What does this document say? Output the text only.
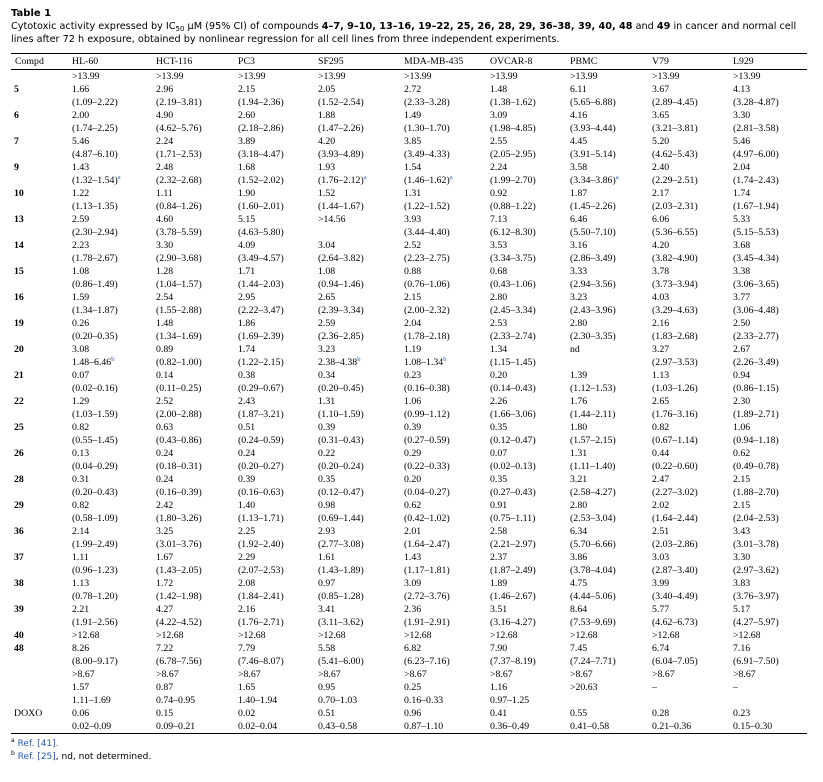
Table 1
Cytotoxic activity expressed by $IC_{50}$ μM (95% CI) of compounds 4–7, 9–10, 13–16, 19–22, 25, 26, 28, 29, 36–38, 39, 40, 48 and 49 in cancer and normal cell lines after 72 h exposure, obtained by nonlinear regression for all cell lines from three independent experiments.
Compd	HL-60	HCT-116	PC3	SF295	MDA-MB-435	OVCAR-8	PBMC	V79	L929
	>13.99	>13.99	>13.99	>13.99	>13.99	>13.99	>13.99	>13.99	>13.99
5	1.66	2.96	2.15	2.05	2.72	1.48	6.11	3.67	4.13
	(1.09–2.22)	(2.19–3.81)	(1.94–2.36)	(1.52–2.54)	(2.33–3.28)	(1.38–1.62)	(5.65–6.88)	(2.89–4.45)	(3.28–4.87)
6	2.00	4.90	2.60	1.88	1.49	3.09	4.16	3.65	3.30
	(1.74–2.25)	(4.62–5.76)	(2.18–2.86)	(1.47–2.26)	(1.30–1.70)	(1.98–4.85)	(3.93–4.44)	(3.21–3.81)	(2.81–3.58)
7	5.46	2.24	3.89	4.20	3.85	2.55	4.45	5.20	5.46
	(4.87–6.10)	(1.71–2.53)	(3.18–4.47)	(3.93–4.89)	(3.49–4.33)	(2.05–2.95)	(3.91–5.14)	(4.62–5.43)	(4.97–6.00)
9	1.43	2.48	1.68	1.93	1.54	2.24	3.58	2.40	2.04
	$(1.32-1.54)^a$	(2.32–2.68)	(1.52–2.02)	$(1.76-2.12)^a$	$(1.46-1.62)^a$	(1.99–2.70)	$(3.34-3.86)^a$	(2.29–2.51)	(1.74–2.43)
10	1.22	1.11	1.90	1.52	1.31	0.92	1.87	2.17	1.74
	(1.13–1.35)	(0.84–1.26)	(1.60–2.01)	(1.44–1.67)	(1.22–1.52)	(0.88–1.22)	(1.45–2.26)	(2.03–2.31)	(1.67–1.94)
13	2.59	4.60	5.15	>14.56	3.93	7.13	6.46	6.06	5.33
	(2.30–2.94)	(3.78–5.59)	(4.63–5.80)		(3.44–4.40)	(6.12–8.30)	(5.50–7.10)	(5.36–6.55)	(5.15–5.53)
14	2.23	3.30	4.09	3.04	2.52	3.53	3.16	4.20	3.68
	(1.78–2.67)	(2.90–3.68)	(3.49–4.57)	(2.64–3.82)	(2.23–2.75)	(3.34–3.75)	(2.86–3.49)	(3.82–4.90)	(3.45–4.34)
15	1.08	1.28	1.71	1.08	0.88	0.68	3.33	3.78	3.38
	(0.86–1.49)	(1.04–1.57)	(1.44–2.03)	(0.94–1.46)	(0.76–1.06)	(0.43–1.06)	(2.94–3.56)	(3.73–3.94)	(3.06–3.65)
16	1.59	2.54	2.95	2.65	2.15	2.80	3.23	4.03	3.77
	(1.34–1.87)	(1.55–2.88)	(2.22–3.47)	(2.39–3.34)	(2.00–2.32)	(2.45–3.34)	(2.43–3.96)	(3.29–4.63)	(3.06–4.48)
19	0.26	1.48	1.86	2.59	2.04	2.53	2.80	2.16	2.50
	(0.20–0.35)	(1.34–1.69)	(1.69–2.39)	(2.36–2.85)	(1.78–2.18)	(2.33–2.74)	(2.30–3.35)	(1.83–2.68)	(2.33–2.77)
20	3.08	0.89	1.74	3.23	1.19	1.34	nd	3.27	2.67
	1.48–6.46$^b$	(0.82–1.00)	(1.22–2.15)	2.38–4.38$^b$	1.08–1.34$^b$	(1.15–1.45)		(2.97–3.53)	(2.26–3.49)
21	0.07	0.14	0.38	0.34	0.23	0.20	1.39	1.13	0.94
	(0.02–0.16)	(0.11–0.25)	(0.29–0.67)	(0.20–0.45)	(0.16–0.38)	(0.14–0.43)	(1.12–1.53)	(1.03–1.26)	(0.86–1.15)
22	1.29	2.52	2.43	1.31	1.06	2.26	1.76	2.65	2.30
	(1.03–1.59)	(2.00–2.88)	(1.87–3.21)	(1.10–1.59)	(0.99–1.12)	(1.66–3.06)	(1.44–2.11)	(1.76–3.16)	(1.89–2.71)
25	0.82	0.63	0.51	0.39	0.39	0.35	1.80	0.82	1.06
	(0.55–1.45)	(0.43–0.86)	(0.24–0.59)	(0.31–0.43)	(0.27–0.59)	(0.12–0.47)	(1.57–2.15)	(0.67–1.14)	(0.94–1.18)
26	0.13	0.24	0.24	0.22	0.29	0.07	1.31	0.44	0.62
	(0.04–0.29)	(0.18–0.31)	(0.20–0.27)	(0.20–0.24)	(0.22–0.33)	(0.02–0.13)	(1.11–1.40)	(0.22–0.60)	(0.49–0.78)
28	0.31	0.24	0.39	0.35	0.20	0.35	3.21	2.47	2.15
	(0.20–0.43)	(0.16–0.39)	(0.16–0.63)	(0.12–0.47)	(0.04–0.27)	(0.27–0.43)	(2.58–4.27)	(2.27–3.02)	(1.88–2.70)
29	0.82	2.42	1.40	0.98	0.62	0.91	2.80	2.02	2.15
	(0.58–1.09)	(1.80–3.26)	(1.13–1.71)	(0.69–1.44)	(0.42–1.02)	(0.75–1.11)	(2.53–3.04)	(1.64–2.44)	(2.04–2.53)
36	2.14	3.25	2.25	2.93	2.01	2.58	6.34	2.51	3.43
	(1.99–2.49)	(3.01–3.76)	(1.92–2.40)	(2.77–3.08)	(1.64–2.47)	(2.21–2.97)	(5.70–6.66)	(2.03–2.86)	(3.01–3.78)
37	1.11	1.67	2.29	1.61	1.43	2.37	3.86	3.03	3.30
	(0.96–1.23)	(1.43–2.05)	(2.07–2.53)	(1.43–1.89)	(1.17–1.81)	(1.87–2.49)	(3.78–4.04)	(2.87–3.40)	(2.97–3.62)
38	1.13	1.72	2.08	0.97	3.09	1.89	4.75	3.99	3.83
	(0.78–1.20)	(1.42–1.98)	(1.84–2.41)	(0.85–1.28)	(2.72–3.76)	(1.46–2.67)	(4.44–5.06)	(3.40–4.49)	(3.76–3.97)
39	2.21	4.27	2.16	3.41	2.36	3.51	8.64	5.77	5.17
	(1.91–2.56)	(4.22–4.52)	(1.76–2.71)	(3.11–3.62)	(1.91–2.91)	(3.16–4.27)	(7.53–9.69)	(4.62–6.73)	(4.27–5.97)
40	>12.68	>12.68	>12.68	>12.68	>12.68	>12.68	>12.68	>12.68	>12.68
48	8.26	7.22	7.79	5.58	6.82	7.90	7.45	6.74	7.16
	(8.00–9.17)	(6.78–7.56)	(7.46–8.07)	(5.41–6.00)	(6.23–7.16)	(7.37–8.19)	(7.24–7.71)	(6.04–7.05)	(6.91–7.50)
	>8.67	>8.67	>8.67	>8.67	>8.67	>8.67	>8.67	>8.67	>8.67
	1.57	0.87	1.65	0.95	0.25	1.16	>20.63	–	–
	1.11–1.69	0.74–0.95	1.40–1.94	0.70–1.03	0.16–0.33	0.97–1.25			
DOXO	0.06	0.15	0.02	0.51	0.96	0.41	0.55	0.28	0.23
	0.02–0.09	0.09–0.21	0.02–0.04	0.43–0.58	0.87–1.10	0.36–0.49	0.41–0.58	0.21–0.36	0.15–0.30
$^a$ Ref. [41].
$^b$ Ref. [25], nd, not determined.
